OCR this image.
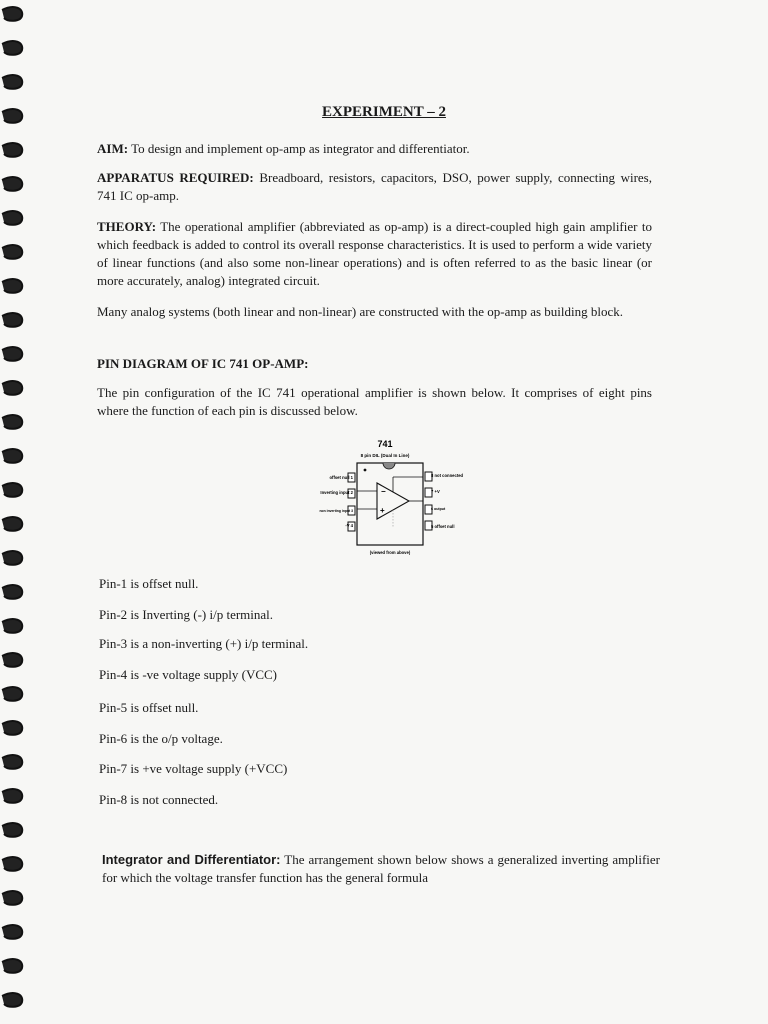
EXPERIMENT – 2

AIM: To design and implement op-amp as integrator and differentiator.

APPARATUS REQUIRED: Breadboard, resistors, capacitors, DSO, power supply, connecting wires, 741 IC op-amp.

THEORY: The operational amplifier (abbreviated as op-amp) is a direct-coupled high gain amplifier to which feedback is added to control its overall response characteristics. It is used to perform a wide variety of linear functions (and also some non-linear operations) and is often referred to as the basic linear (or more accurately, analog) integrated circuit.

Many analog systems (both linear and non-linear) are constructed with the op-amp as building block.

PIN DIAGRAM OF IC 741 OP-AMP:

The pin configuration of the IC 741 operational amplifier is shown below. It comprises of eight pins where the function of each pin is discussed below.

741
8 pin DIL (Dual In Line)
offset null 1
Inverting input 2
non inverting input 3
-V 4
8 not connected
7 +V
6 output
5 offset null
−
+
(viewed from above)
Pin-1 is offset null.
Pin-2 is Inverting (-) i/p terminal.
Pin-3 is a non-inverting (+) i/p terminal.
Pin-4 is -ve voltage supply (VCC)
Pin-5 is offset null.
Pin-6 is the o/p voltage.
Pin-7 is +ve voltage supply (+VCC)
Pin-8 is not connected.

Integrator and Differentiator: The arrangement shown below shows a generalized inverting amplifier for which the voltage transfer function has the general formula
